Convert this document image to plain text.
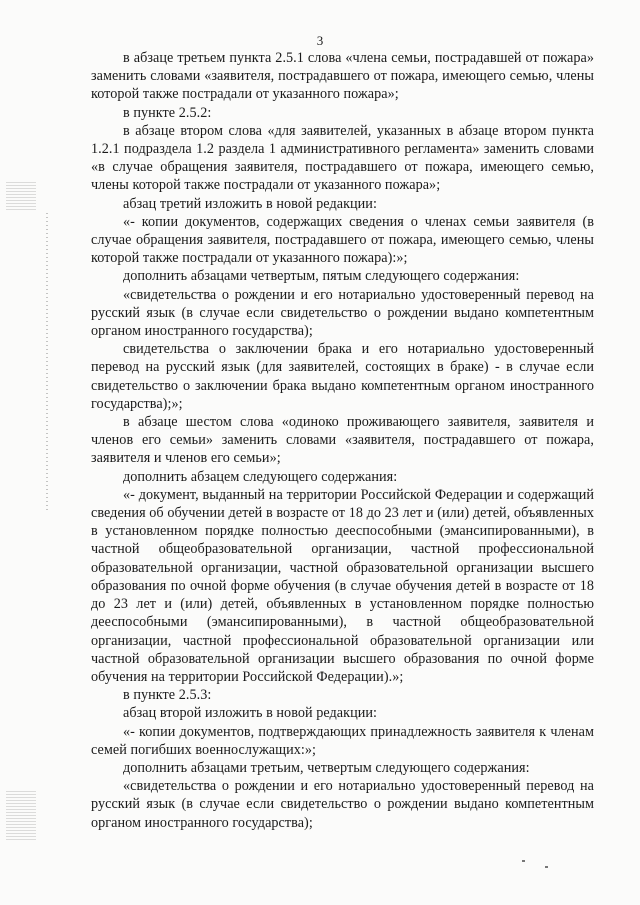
3

в абзаце третьем пункта 2.5.1 слова «члена семьи, пострадавшей от пожара» заменить словами «заявителя, пострадавшего от пожара, имеющего семью, члены которой также пострадали от указанного пожара»;

в пункте 2.5.2:

в абзаце втором слова «для заявителей, указанных в абзаце втором пункта 1.2.1 подраздела 1.2 раздела 1 административного регламента» заменить словами «в случае обращения заявителя, пострадавшего от пожара, имеющего семью, члены которой также пострадали от указанного пожара»;

абзац третий изложить в новой редакции:

«- копии документов, содержащих сведения о членах семьи заявителя (в случае обращения заявителя, пострадавшего от пожара, имеющего семью, члены которой также пострадали от указанного пожара):»;

дополнить абзацами четвертым, пятым следующего содержания:

«свидетельства о рождении и его нотариально удостоверенный перевод на русский язык (в случае если свидетельство о рождении выдано компетентным органом иностранного государства);

свидетельства о заключении брака и его нотариально удостоверенный перевод на русский язык (для заявителей, состоящих в браке) - в случае если свидетельство о заключении брака выдано компетентным органом иностранного государства);»;

в абзаце шестом слова «одиноко проживающего заявителя, заявителя и членов его семьи» заменить словами «заявителя, пострадавшего от пожара, заявителя и членов его семьи»;

дополнить абзацем следующего содержания:

«- документ, выданный на территории Российской Федерации и содержащий сведения об обучении детей в возрасте от 18 до 23 лет и (или) детей, объявленных в установленном порядке полностью дееспособными (эмансипированными), в частной общеобразовательной организации, частной профессиональной образовательной организации, частной образовательной организации высшего образования по очной форме обучения (в случае обучения детей в возрасте от 18 до 23 лет и (или) детей, объявленных в установленном порядке полностью дееспособными (эмансипированными), в частной общеобразовательной организации, частной профессиональной образовательной организации или частной образовательной организации высшего образования по очной форме обучения на территории Российской Федерации).»;

в пункте 2.5.3:

абзац второй изложить в новой редакции:

«- копии документов, подтверждающих принадлежность заявителя к членам семей погибших военнослужащих:»;

дополнить абзацами третьим, четвертым следующего содержания:

«свидетельства о рождении и его нотариально удостоверенный перевод на русский язык (в случае если свидетельство о рождении выдано компетентным органом иностранного государства);
